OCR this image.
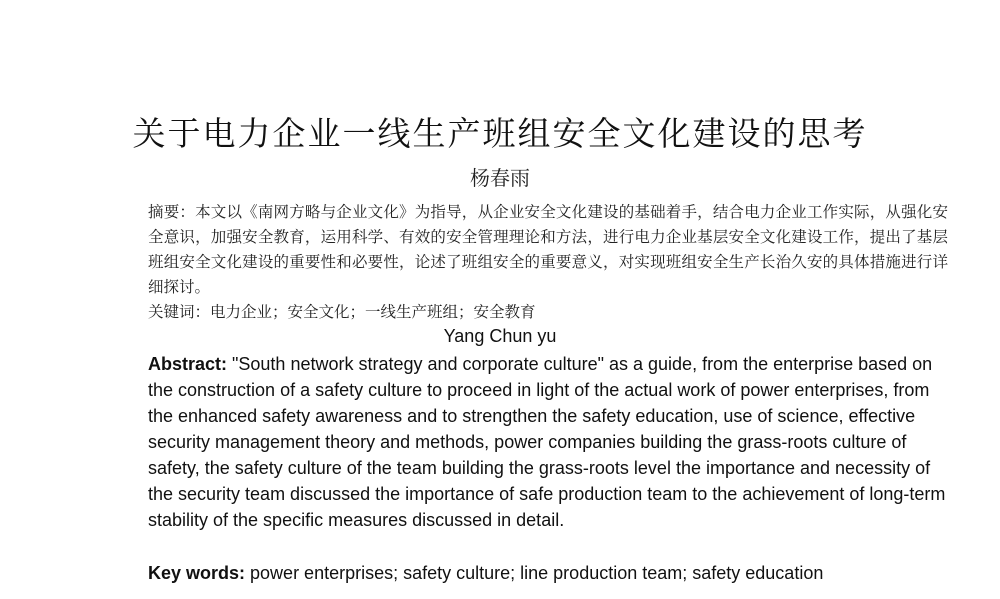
关于电力企业一线生产班组安全文化建设的思考
杨春雨
摘要：本文以《南网方略与企业文化》为指导，从企业安全文化建设的基础着手，结合电力企业工作实际，从强化安全意识，加强安全教育，运用科学、有效的安全管理理论和方法，进行电力企业基层安全文化建设工作，提出了基层班组安全文化建设的重要性和必要性，论述了班组安全的重要意义，对实现班组安全生产长治久安的具体措施进行详细探讨。
关键词：电力企业；安全文化；一线生产班组；安全教育
Yang Chun yu
Abstract: "South network strategy and corporate culture" as a guide, from the enterprise based on the construction of a safety culture to proceed in light of the actual work of power enterprises, from the enhanced safety awareness and to strengthen the safety education, use of science, effective security management theory and methods, power companies building the grass-roots culture of safety, the safety culture of the team building the grass-roots level the importance and necessity of the security team discussed the importance of safe production team to the achievement of long-term stability of the specific measures discussed in detail.
Key words: power enterprises; safety culture; line production team; safety education
